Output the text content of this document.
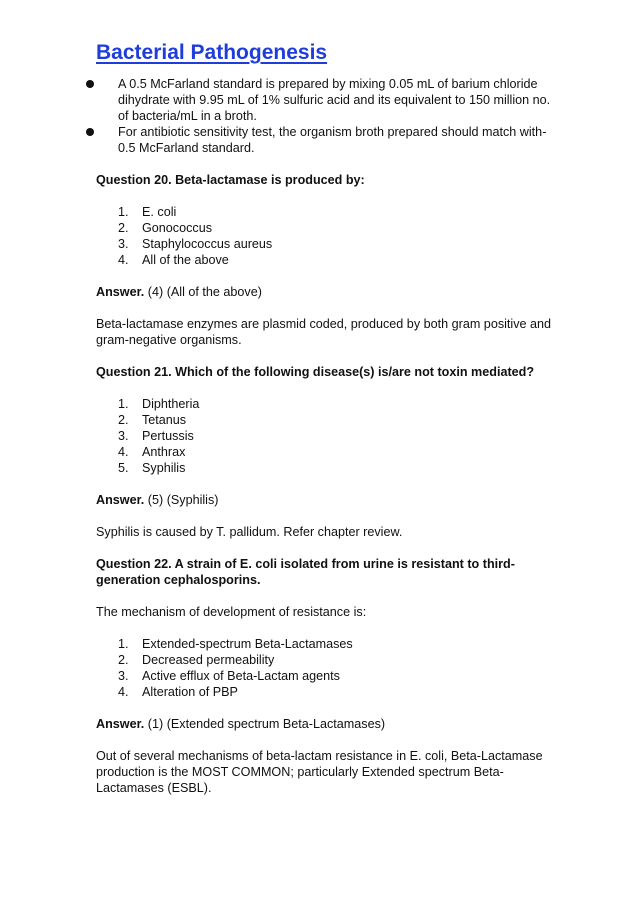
Bacterial Pathogenesis
A 0.5 McFarland standard is prepared by mixing 0.05 mL of barium chloride dihydrate with 9.95 mL of 1% sulfuric acid and its equivalent to 150 million no. of bacteria/mL in a broth.
For antibiotic sensitivity test, the organism broth prepared should match with- 0.5 McFarland standard.

Question 20. Beta-lactamase is produced by:

1.	E. coli
2.	Gonococcus
3.	Staphylococcus aureus
4.	All of the above

Answer. (4) (All of the above)

Beta-lactamase enzymes are plasmid coded, produced by both gram positive and gram-negative organisms.

Question 21. Which of the following disease(s) is/are not toxin mediated?

1.	Diphtheria
2.	Tetanus
3.	Pertussis
4.	Anthrax
5.	Syphilis

Answer. (5) (Syphilis)

Syphilis is caused by T. pallidum. Refer chapter review.

Question 22. A strain of E. coli isolated from urine is resistant to third-generation cephalosporins.

The mechanism of development of resistance is:

1.	Extended-spectrum Beta-Lactamases
2.	Decreased permeability
3.	Active efflux of Beta-Lactam agents
4.	Alteration of PBP

Answer. (1) (Extended spectrum Beta-Lactamases)

Out of several mechanisms of beta-lactam resistance in E. coli, Beta-Lactamase production is the MOST COMMON; particularly Extended spectrum Beta-Lactamases (ESBL).
